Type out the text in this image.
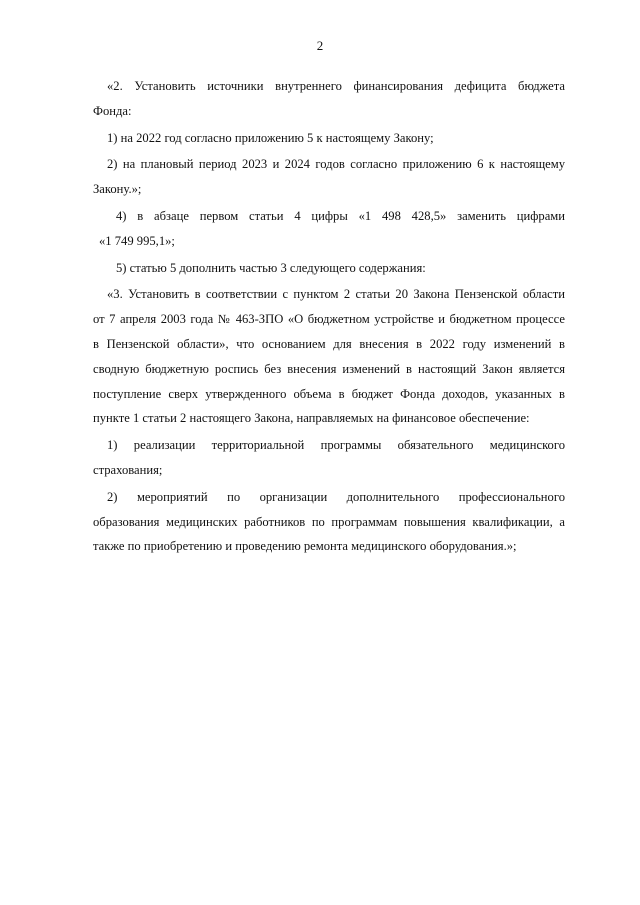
2
«2. Установить источники внутреннего финансирования дефицита бюджета
Фонда:
1) на 2022 год согласно приложению 5 к настоящему Закону;
2) на плановый период 2023 и 2024 годов согласно приложению 6 к настоящему
Закону.»;
4) в абзаце первом статьи 4 цифры «1 498 428,5» заменить цифрами
«1 749 995,1»;
5) статью 5 дополнить частью 3 следующего содержания:
«3. Установить в соответствии с пунктом 2 статьи 20 Закона Пензенской области
от 7 апреля 2003 года № 463-ЗПО «О бюджетном устройстве и бюджетном процессе
в Пензенской области», что основанием для внесения в 2022 году изменений в
сводную бюджетную роспись без внесения изменений в настоящий Закон является
поступление сверх утвержденного объема в бюджет Фонда доходов, указанных в
пункте 1 статьи 2 настоящего Закона, направляемых на финансовое обеспечение:
1) реализации территориальной программы обязательного медицинского
страхования;
2) мероприятий по организации дополнительного профессионального
образования медицинских работников по программам повышения квалификации, а
также по приобретению и проведению ремонта медицинского оборудования.»;
